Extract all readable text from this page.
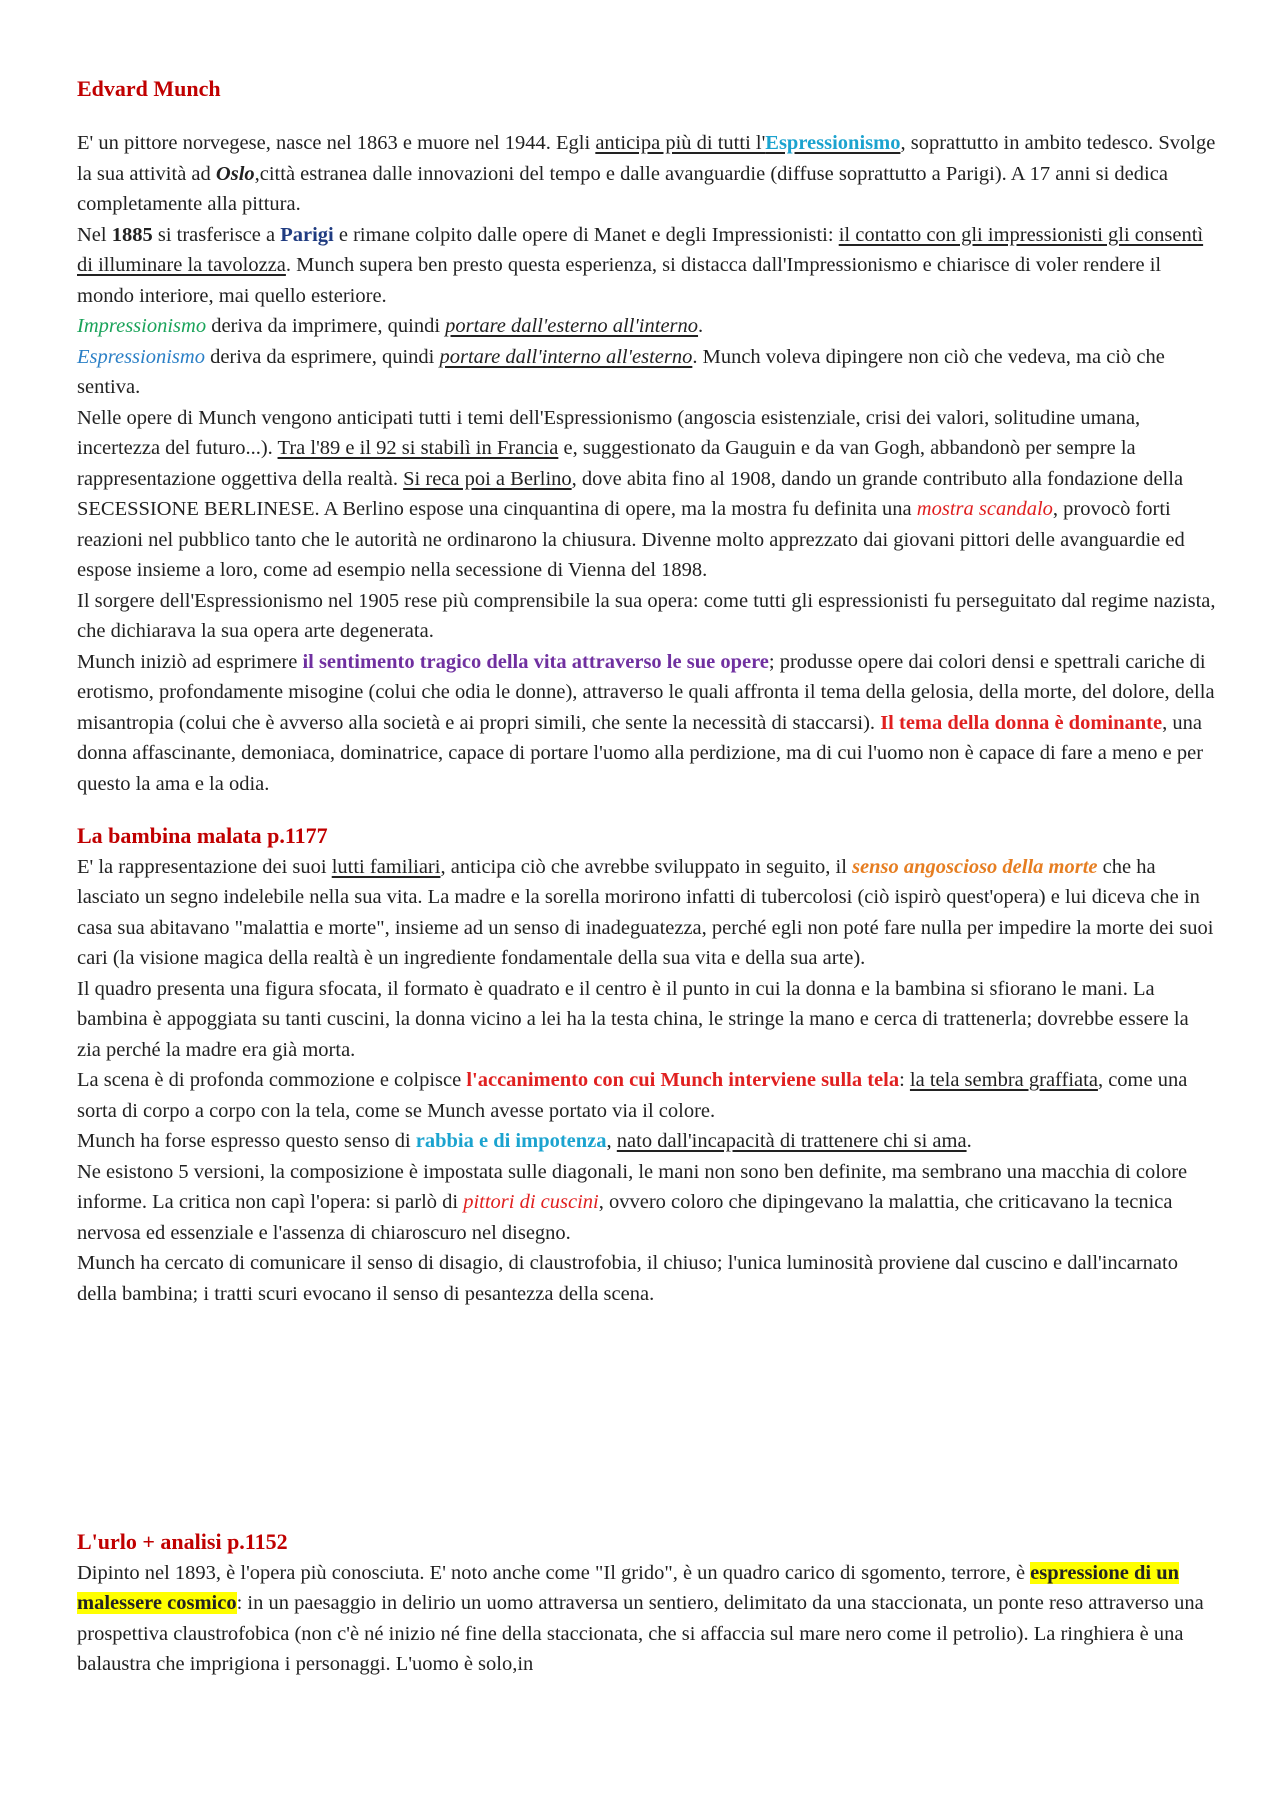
Edvard Munch

E' un pittore norvegese, nasce nel 1863 e muore nel 1944. Egli anticipa più di tutti l'Espressionismo, soprattutto in ambito tedesco. Svolge la sua attività ad Oslo,città estranea dalle innovazioni del tempo e dalle avanguardie (diffuse soprattutto a Parigi). A 17 anni si dedica completamente alla pittura.

Nel 1885 si trasferisce a Parigi e rimane colpito dalle opere di Manet e degli Impressionisti: il contatto con gli impressionisti gli consentì di illuminare la tavolozza. Munch supera ben presto questa esperienza, si distacca dall'Impressionismo e chiarisce di voler rendere il mondo interiore, mai quello esteriore.

Impressionismo deriva da imprimere, quindi portare dall'esterno all'interno.

Espressionismo deriva da esprimere, quindi portare dall'interno all'esterno. Munch voleva dipingere non ciò che vedeva, ma ciò che sentiva.

Nelle opere di Munch vengono anticipati tutti i temi dell'Espressionismo (angoscia esistenziale, crisi dei valori, solitudine umana, incertezza del futuro...). Tra l'89 e il 92 si stabilì in Francia e, suggestionato da Gauguin e da van Gogh, abbandonò per sempre la rappresentazione oggettiva della realtà. Si reca poi a Berlino, dove abita fino al 1908, dando un grande contributo alla fondazione della SECESSIONE BERLINESE. A Berlino espose una cinquantina di opere, ma la mostra fu definita una mostra scandalo, provocò forti reazioni nel pubblico tanto che le autorità ne ordinarono la chiusura. Divenne molto apprezzato dai giovani pittori delle avanguardie ed espose insieme a loro, come ad esempio nella secessione di Vienna del 1898.

Il sorgere dell'Espressionismo nel 1905 rese più comprensibile la sua opera: come tutti gli espressionisti fu perseguitato dal regime nazista, che dichiarava la sua opera arte degenerata.

Munch iniziò ad esprimere il sentimento tragico della vita attraverso le sue opere; produsse opere dai colori densi e spettrali cariche di erotismo, profondamente misogine (colui che odia le donne), attraverso le quali affronta il tema della gelosia, della morte, del dolore, della misantropia (colui che è avverso alla società e ai propri simili, che sente la necessità di staccarsi). Il tema della donna è dominante, una donna affascinante, demoniaca, dominatrice, capace di portare l'uomo alla perdizione, ma di cui l'uomo non è capace di fare a meno e per questo la ama e la odia.

La bambina malata p.1177

E' la rappresentazione dei suoi lutti familiari, anticipa ciò che avrebbe sviluppato in seguito, il senso angoscioso della morte che ha lasciato un segno indelebile nella sua vita. La madre e la sorella morirono infatti di tubercolosi (ciò ispirò quest'opera) e lui diceva che in casa sua abitavano "malattia e morte", insieme ad un senso di inadeguatezza, perché egli non poté fare nulla per impedire la morte dei suoi cari (la visione magica della realtà è un ingrediente fondamentale della sua vita e della sua arte).

Il quadro presenta una figura sfocata, il formato è quadrato e il centro è il punto in cui la donna e la bambina si sfiorano le mani. La bambina è appoggiata su tanti cuscini, la donna vicino a lei ha la testa china, le stringe la mano e cerca di trattenerla; dovrebbe essere la zia perché la madre era già morta.

La scena è di profonda commozione e colpisce l'accanimento con cui Munch interviene sulla tela: la tela sembra graffiata, come una sorta di corpo a corpo con la tela, come se Munch avesse portato via il colore.

Munch ha forse espresso questo senso di rabbia e di impotenza, nato dall'incapacità di trattenere chi si ama.

Ne esistono 5 versioni, la composizione è impostata sulle diagonali, le mani non sono ben definite, ma sembrano una macchia di colore informe. La critica non capì l'opera: si parlò di pittori di cuscini, ovvero coloro che dipingevano la malattia, che criticavano la tecnica nervosa ed essenziale e l'assenza di chiaroscuro nel disegno.

Munch ha cercato di comunicare il senso di disagio, di claustrofobia, il chiuso; l'unica luminosità proviene dal cuscino e dall'incarnato della bambina; i tratti scuri evocano il senso di pesantezza della scena.

L'urlo + analisi p.1152

Dipinto nel 1893, è l'opera più conosciuta. E' noto anche come "Il grido", è un quadro carico di sgomento, terrore, è espressione di un malessere cosmico: in un paesaggio in delirio un uomo attraversa un sentiero, delimitato da una staccionata, un ponte reso attraverso una prospettiva claustrofobica (non c'è né inizio né fine della staccionata, che si affaccia sul mare nero come il petrolio). La ringhiera è una balaustra che imprigiona i personaggi. L'uomo è solo,in
